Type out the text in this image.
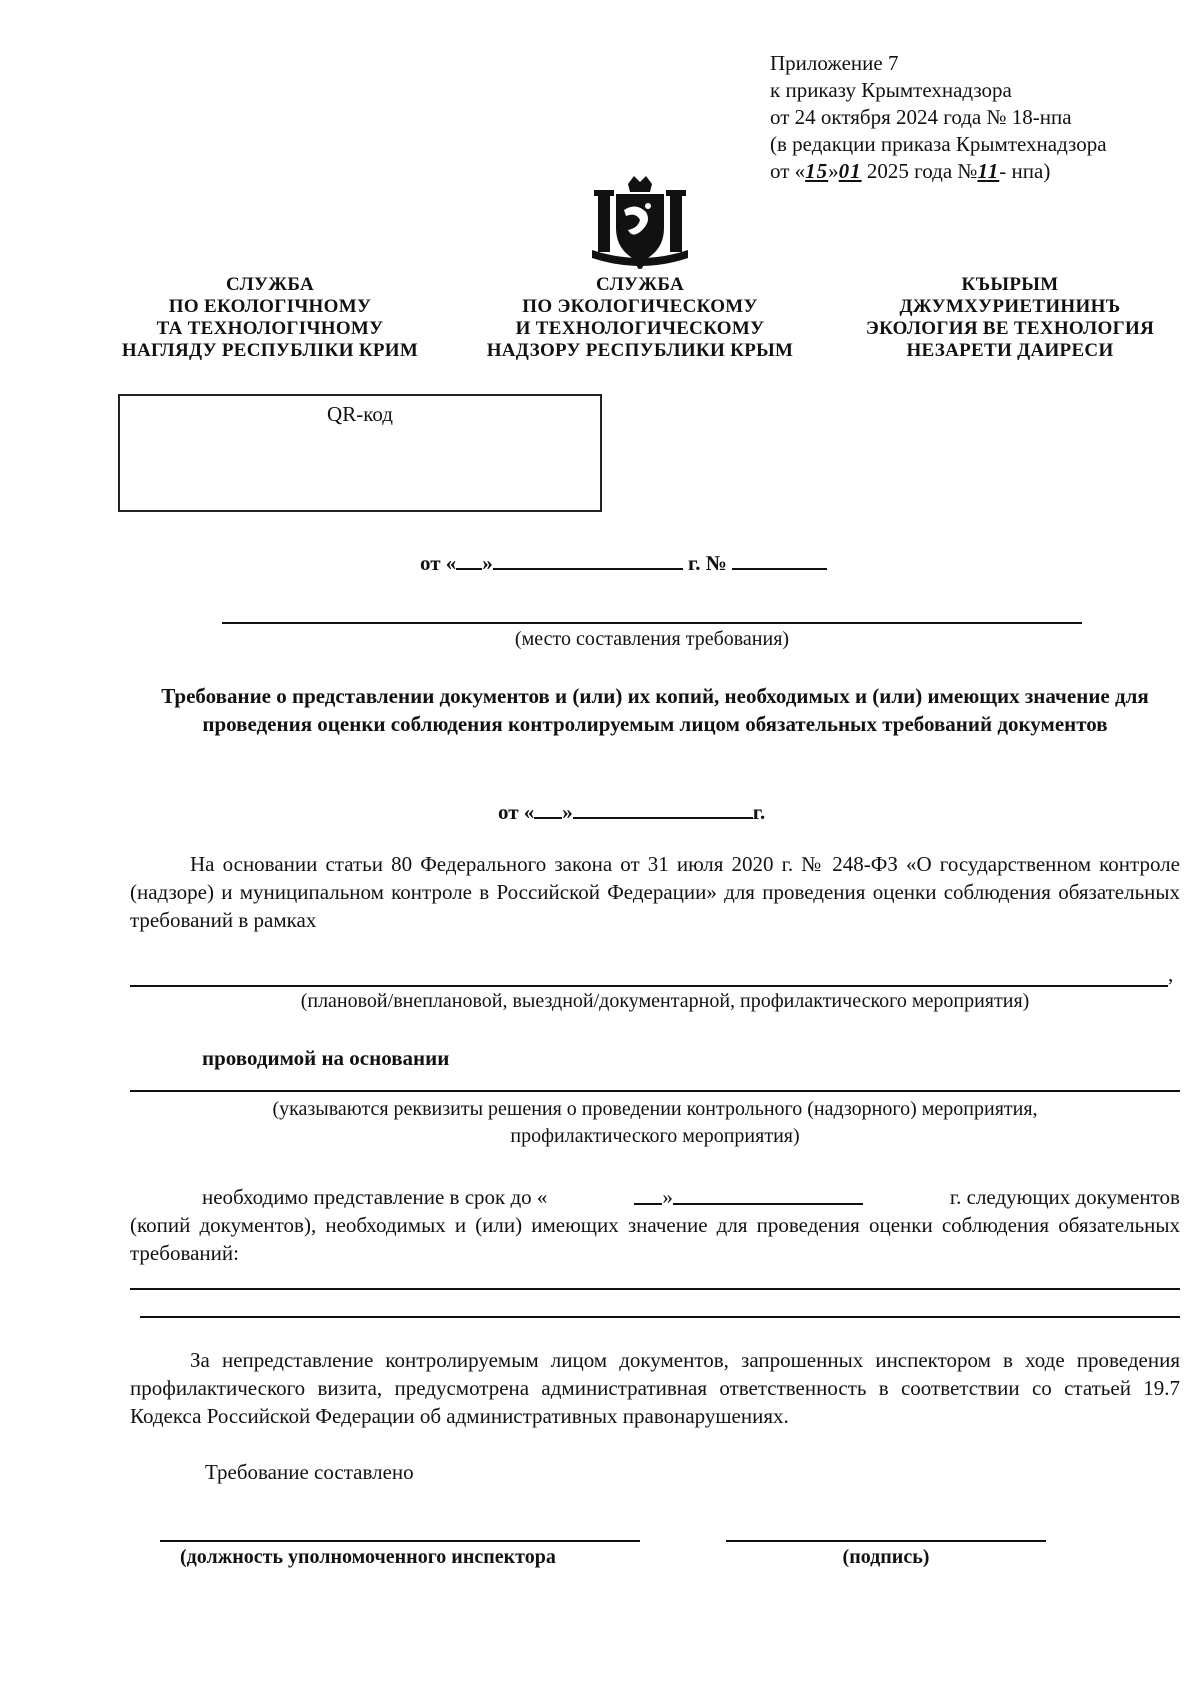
Приложение 7
к приказу Крымтехнадзора
от 24 октября 2024 года № 18-нпа
(в редакции приказа Крымтехнадзора
от «15»01 2025 года №11- нпа)
СЛУЖБА
ПО ЕКОЛОГІЧНОМУ
ТА ТЕХНОЛОГІЧНОМУ
НАГЛЯДУ РЕСПУБЛІКИ КРИМ
СЛУЖБА
ПО ЭКОЛОГИЧЕСКОМУ
И ТЕХНОЛОГИЧЕСКОМУ
НАДЗОРУ РЕСПУБЛИКИ КРЫМ
КЪЫРЫМ
ДЖУМХУРИЕТИНИНЪ
ЭКОЛОГИЯ ВЕ ТЕХНОЛОГИЯ
НЕЗАРЕТИ ДАИРЕСИ
QR-код
от « »	г. №
(место составления требования)
Требование о представлении документов и (или) их копий, необходимых и (или) имеющих значение для проведения оценки соблюдения контролируемым лицом обязательных требований документов
от « »	г.
На основании статьи 80 Федерального закона от 31 июля 2020 г. № 248-ФЗ «О государственном контроле (надзоре) и муниципальном контроле в Российской Федерации» для проведения оценки соблюдения обязательных требований в рамках
,
(плановой/внеплановой, выездной/документарной, профилактического мероприятия)
проводимой на основании
(указываются реквизиты решения о проведении контрольного (надзорного) мероприятия,
профилактического мероприятия)
необходимо представление в срок до «	»	г. следующих документов
(копий документов), необходимых и (или) имеющих значение для проведения оценки соблюдения обязательных требований:
За непредставление контролируемым лицом документов, запрошенных инспектором в ходе проведения профилактического визита, предусмотрена административная ответственность в соответствии со статьей 19.7 Кодекса Российской Федерации об административных правонарушениях.
Требование составлено
(должность уполномоченного инспектора	(подпись)
